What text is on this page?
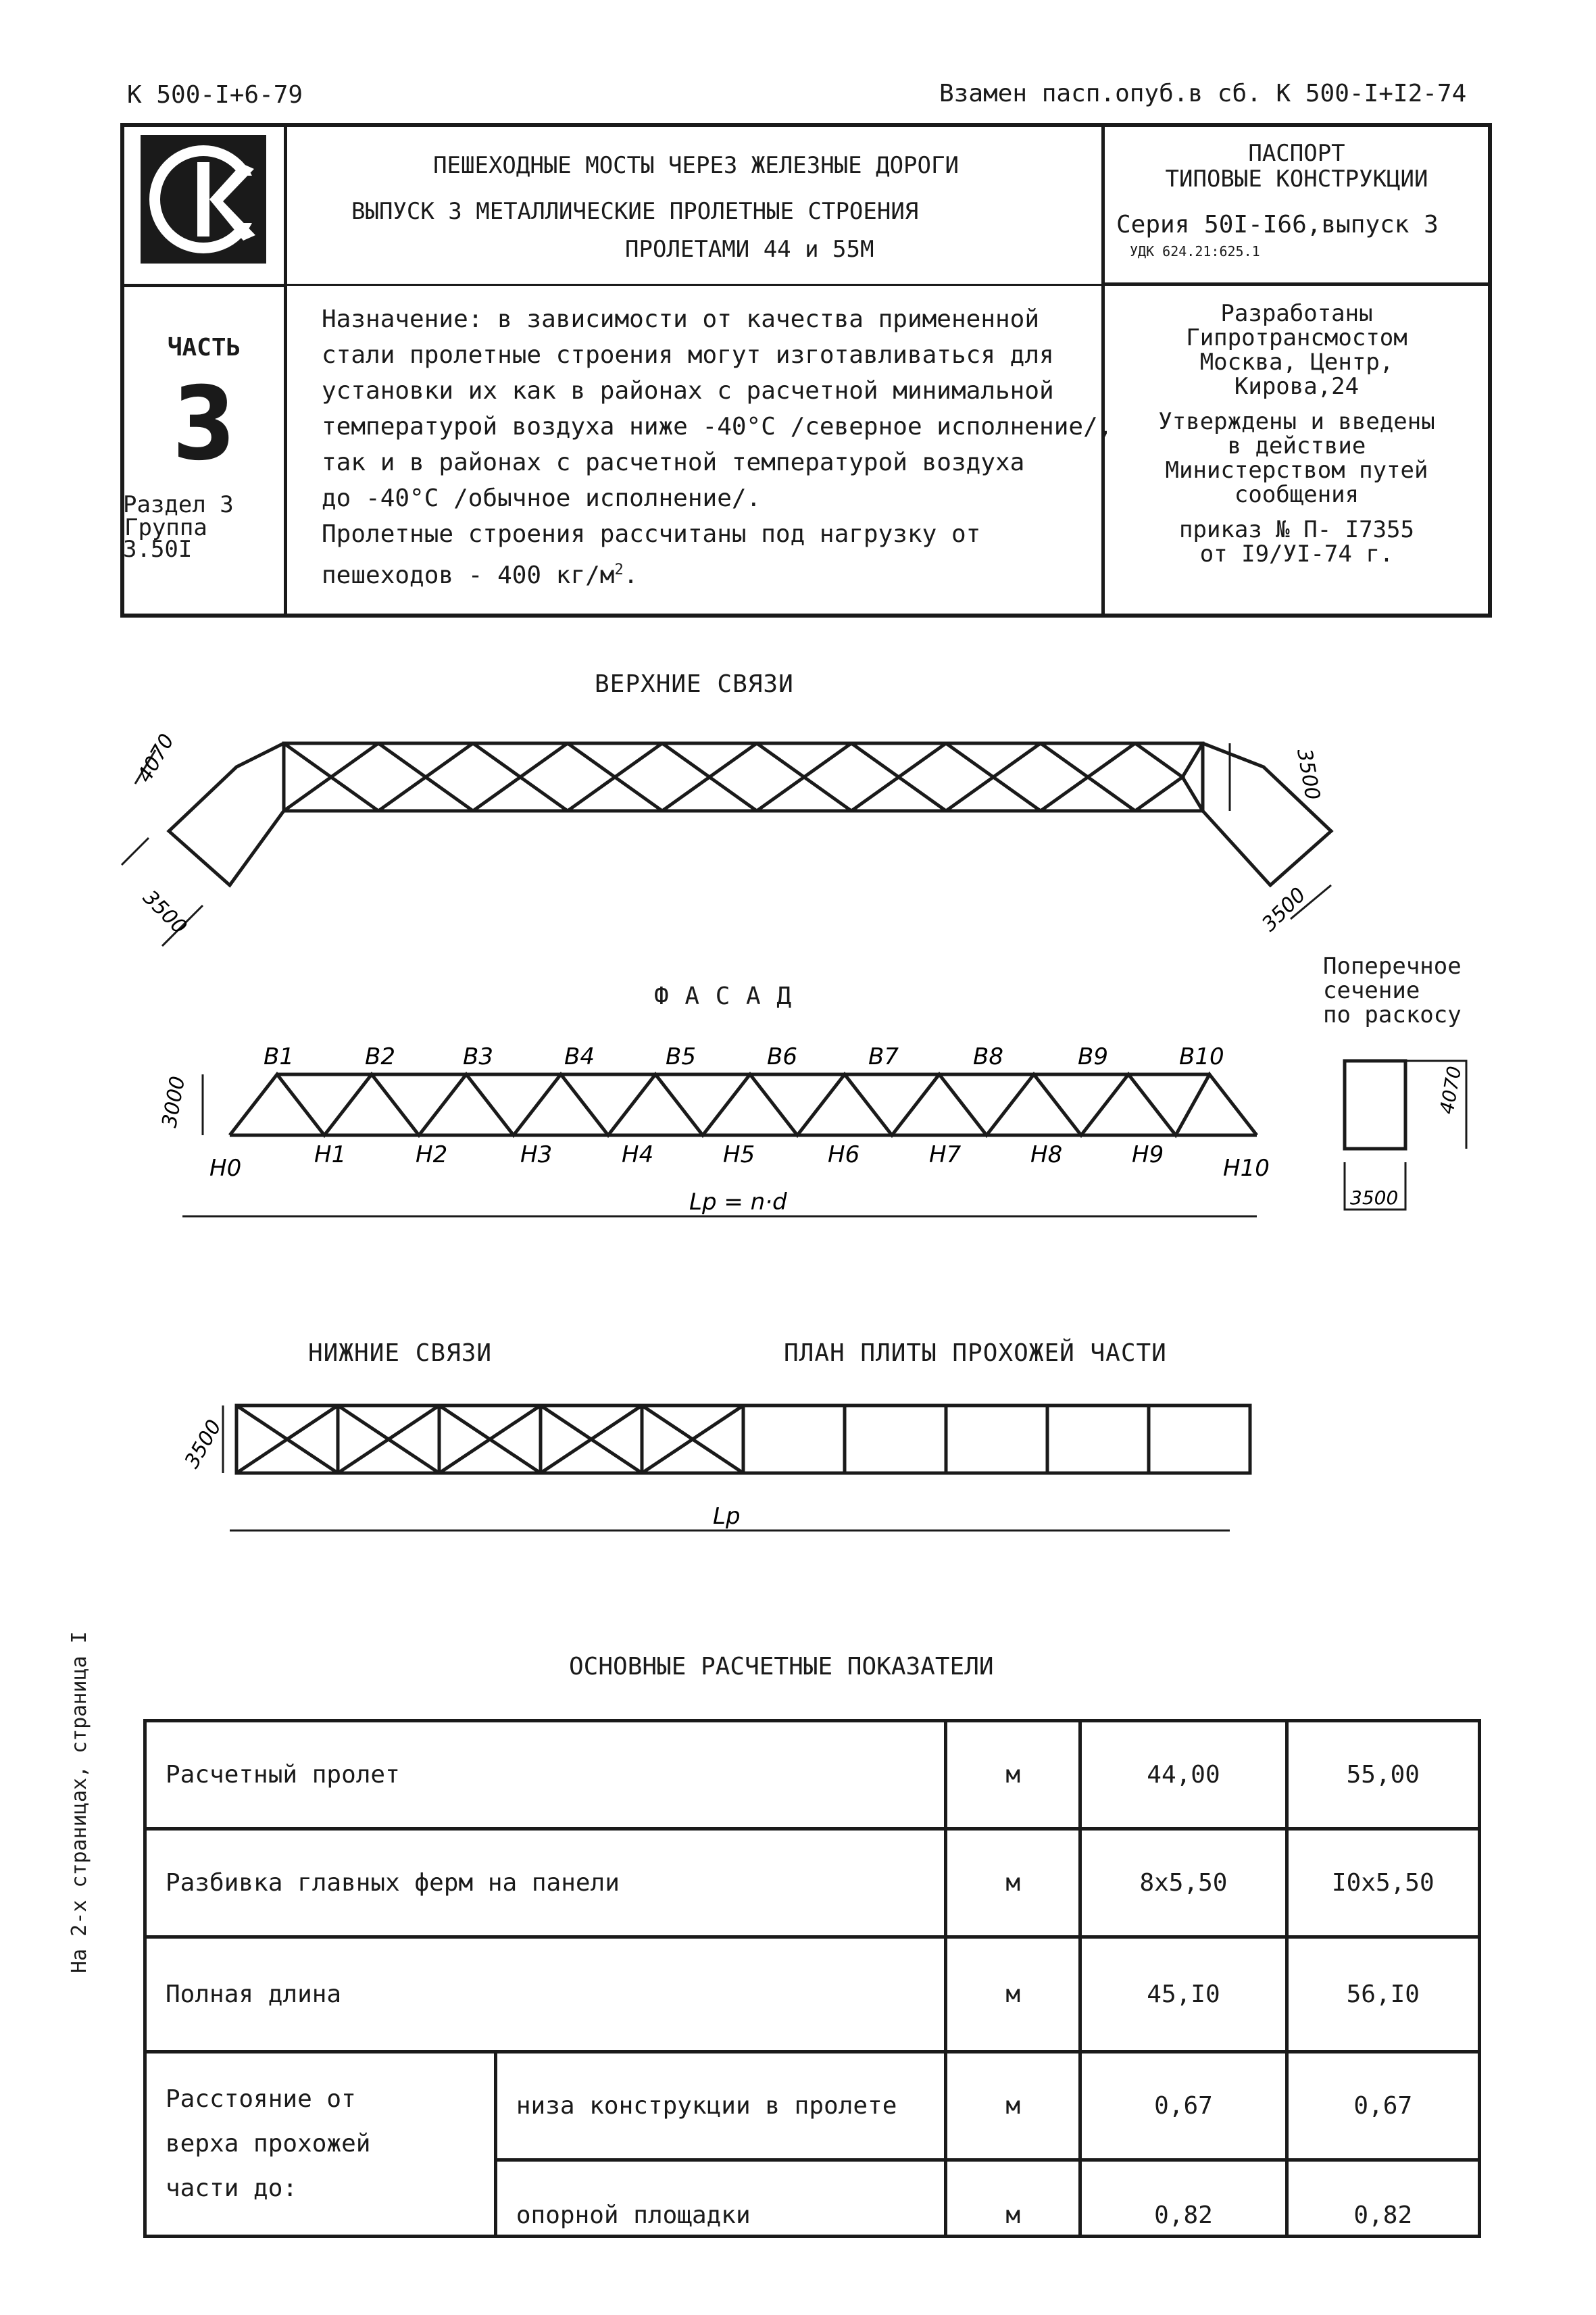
К 500-I+6-79	Взамен пасп.опуб.в сб. К 500-I+I2-74
ПЕШЕХОДНЫЕ МОСТЫ ЧЕРЕЗ ЖЕЛЕЗНЫЕ ДОРОГИ
ВЫПУСК 3 МЕТАЛЛИЧЕСКИЕ ПРОЛЕТНЫЕ СТРОЕНИЯ
ПРОЛЕТАМИ 44 и 55М
ПАСПОРТ
ТИПОВЫЕ КОНСТРУКЦИИ
Серия 50I-I66,выпуск 3
УДК 624.21:625.1
ЧАСТЬ
3
Раздел 3
Группа
3.50I

Назначение: в зависимости от качества примененной

стали пролетные строения могут изготавливаться для

установки их как в районах с расчетной минимальной

температурой воздуха ниже -40°С /северное исполнение/,

так и в районах с расчетной температурой воздуха

до -40°С /обычное исполнение/.

Пролетные строения рассчитаны под нагрузку от

пешеходов - 400 $кг/м^2$.

Разработаны
Гипротрансмостом
Москва, Центр,
Кирова,24
Утверждены и введены
в действие
Министерством путей
сообщения
приказ № П- I7355
от I9/УI-74 г.
ВЕРХНИЕ СВЯЗИ
4070
3500
3500
3500
Ф А С А Д
3000
В1	В2	В3	В4	В5	В6	В7	В8	В9	В10
Н0	Н1	Н2	Н3	Н4	Н5	Н6	Н7	Н8	Н9	Н10
Lp = n·d
Поперечное
сечение
по раскосу
4070
3500
НИЖНИЕ СВЯЗИ	ПЛАН ПЛИТЫ ПРОХОЖЕЙ ЧАСТИ
3500
Lp
На 2-х страницах, страница I	ОСНОВНЫЕ РАСЧЕТНЫЕ ПОКАЗАТЕЛИ
Расчетный пролет		м	44,00	55,00
Разбивка главных ферм на панели		м	8х5,50	I0х5,50
Полная длина		м	45,I0	56,I0

Расстояние от
верха прохожей
части до:	низа конструкции в пролете	м	0,67	0,67
	опорной площадки	м	0,82	0,82
